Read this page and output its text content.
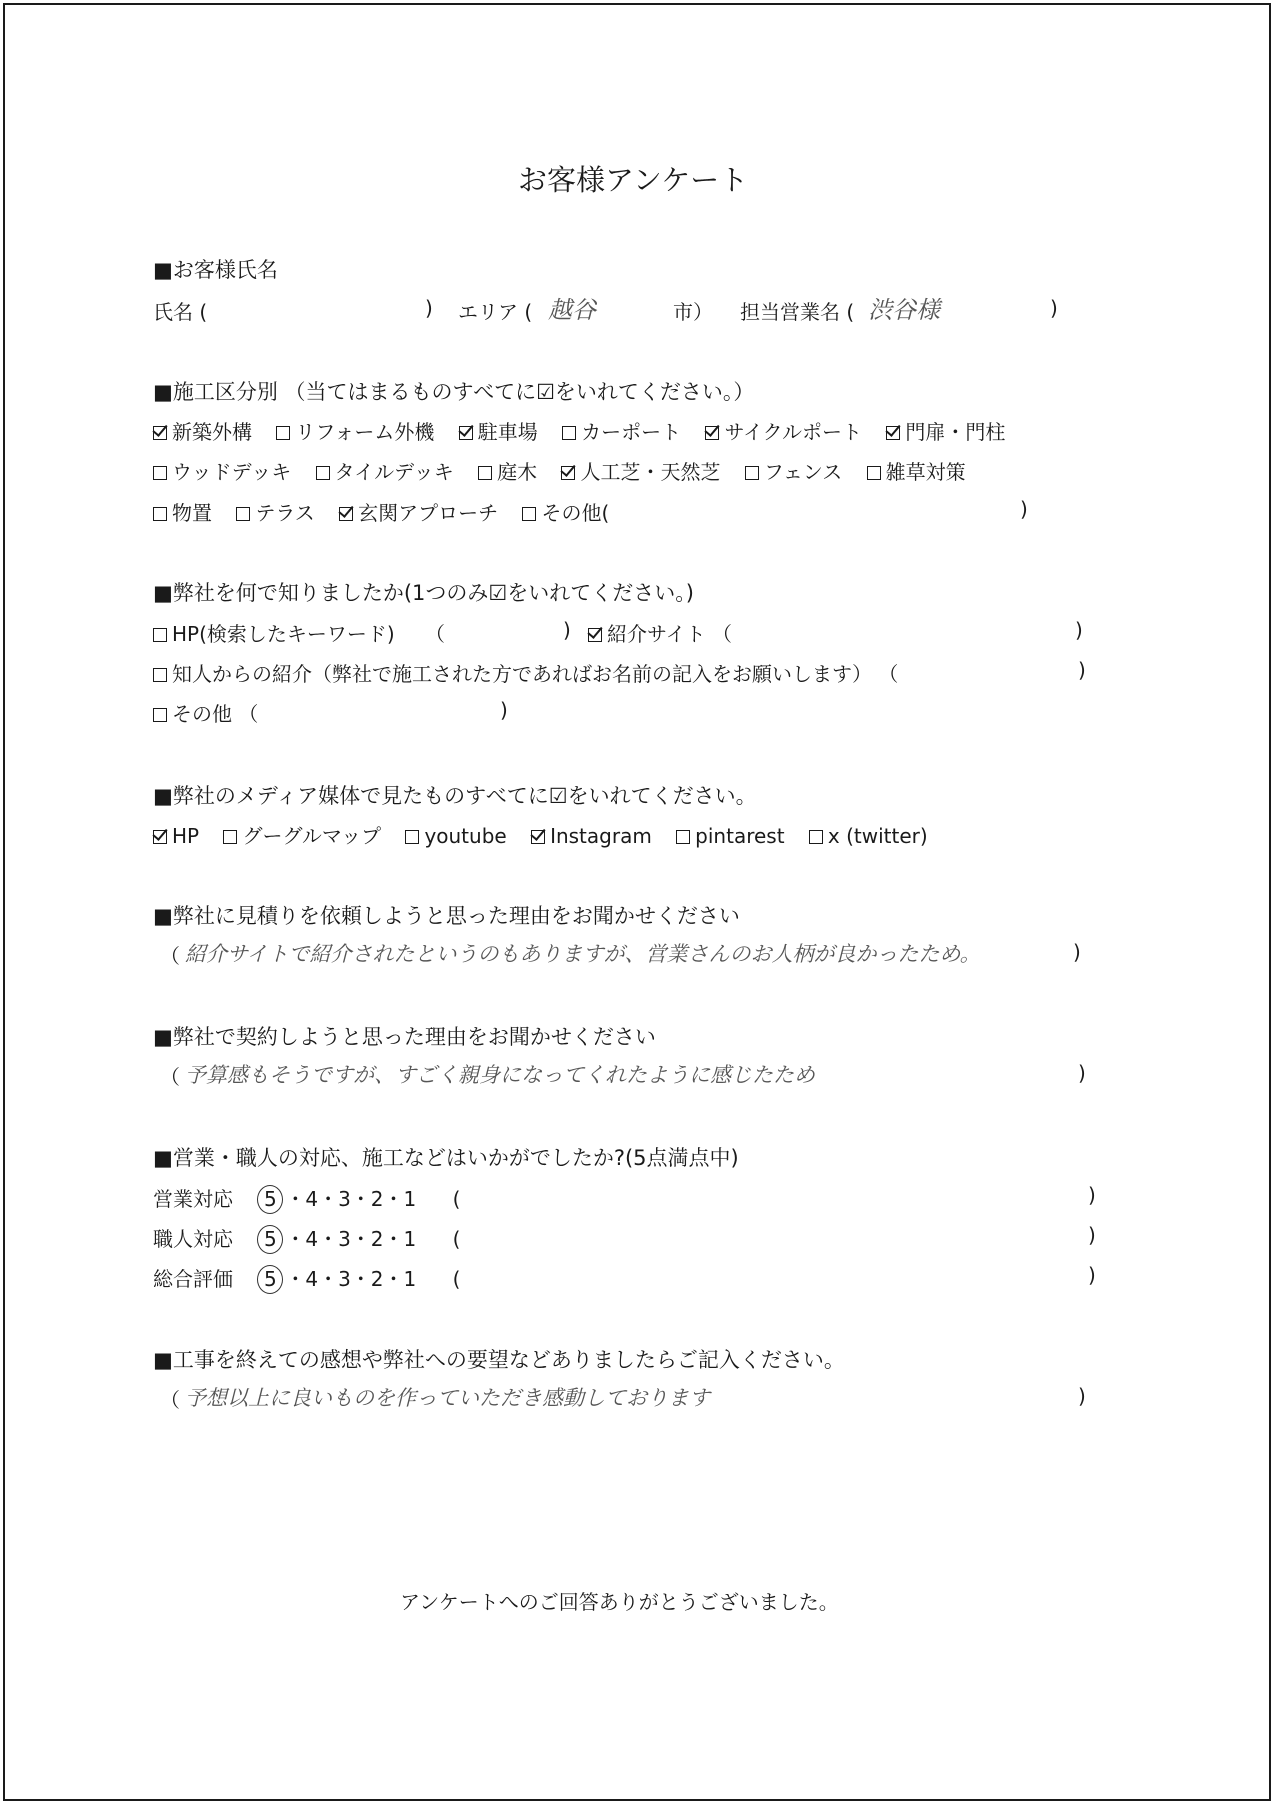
お客様アンケート
■お客様氏名
氏名 (	) エリア ( 越谷	市） 担当営業名 ( 渋谷様	)
■施工区分別 （当てはまるものすべてに☑をいれてください。）
新築外構 リフォーム外機 駐車場 カーポート サイクルポート 門扉・門柱
ウッドデッキ タイルデッキ 庭木 人工芝・天然芝 フェンス 雑草対策
物置 テラス 玄関アプローチ その他(	)
■弊社を何で知りましたか(1つのみ☑をいれてください。)
HP(検索したキーワード) （	)	紹介サイト （	)
知人からの紹介（弊社で施工された方であればお名前の記入をお願いします） （	)
その他 （	)
■弊社のメディア媒体で見たものすべてに☑をいれてください。
HP グーグルマップ youtube Instagram pintarest x (twitter)
■弊社に見積りを依頼しようと思った理由をお聞かせください
（ 紹介サイトで紹介されたというのもありますが、営業さんのお人柄が良かったため。	)
■弊社で契約しようと思った理由をお聞かせください
（ 予算感もそうですが、すごく親身になってくれたように感じたため	)
■営業・職人の対応、施工などはいかがでしたか?(5点満点中)
営業対応 5 ・4・3・2・1 (	)
職人対応 5 ・4・3・2・1 (	)
総合評価 5 ・4・3・2・1 (	)
■工事を終えての感想や弊社への要望などありましたらご記入ください。
（ 予想以上に良いものを作っていただき感動しております	)
アンケートへのご回答ありがとうございました。
